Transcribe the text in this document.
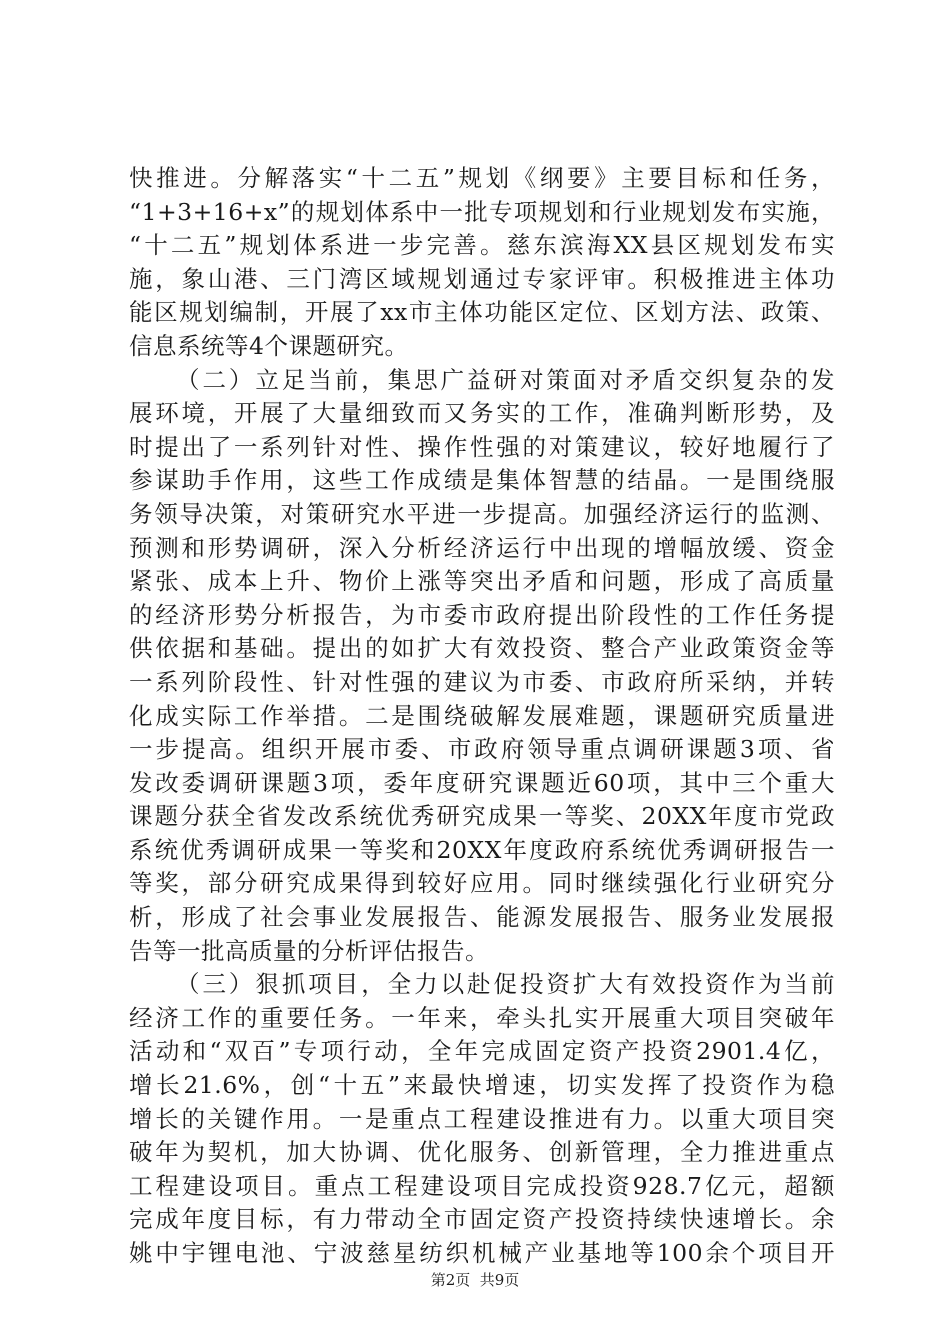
快推进。分解落实“十二五”规划《纲要》主要目标和任务，
“1+3+16+x”的规划体系中一批专项规划和行业规划发布实施，
“十二五”规划体系进一步完善。慈东滨海XX县区规划发布实
施，象山港、三门湾区域规划通过专家评审。积极推进主体功
能区规划编制，开展了xx市主体功能区定位、区划方法、政策、
信息系统等4个课题研究。
（二）立足当前，集思广益研对策面对矛盾交织复杂的发
展环境，开展了大量细致而又务实的工作，准确判断形势，及
时提出了一系列针对性、操作性强的对策建议，较好地履行了
参谋助手作用，这些工作成绩是集体智慧的结晶。一是围绕服
务领导决策，对策研究水平进一步提高。加强经济运行的监测、
预测和形势调研，深入分析经济运行中出现的增幅放缓、资金
紧张、成本上升、物价上涨等突出矛盾和问题，形成了高质量
的经济形势分析报告，为市委市政府提出阶段性的工作任务提
供依据和基础。提出的如扩大有效投资、整合产业政策资金等
一系列阶段性、针对性强的建议为市委、市政府所采纳，并转
化成实际工作举措。二是围绕破解发展难题，课题研究质量进
一步提高。组织开展市委、市政府领导重点调研课题3项、省
发改委调研课题3项，委年度研究课题近60项，其中三个重大
课题分获全省发改系统优秀研究成果一等奖、20XX年度市党政
系统优秀调研成果一等奖和20XX年度政府系统优秀调研报告一
等奖，部分研究成果得到较好应用。同时继续强化行业研究分
析，形成了社会事业发展报告、能源发展报告、服务业发展报
告等一批高质量的分析评估报告。
（三）狠抓项目，全力以赴促投资扩大有效投资作为当前
经济工作的重要任务。一年来，牵头扎实开展重大项目突破年
活动和“双百”专项行动，全年完成固定资产投资2901.4亿，
增长21.6%，创“十五”来最快增速，切实发挥了投资作为稳
增长的关键作用。一是重点工程建设推进有力。以重大项目突
破年为契机，加大协调、优化服务、创新管理，全力推进重点
工程建设项目。重点工程建设项目完成投资928.7亿元，超额
完成年度目标，有力带动全市固定资产投资持续快速增长。余
姚中宇锂电池、宁波慈星纺织机械产业基地等100余个项目开
第2页  共9页
